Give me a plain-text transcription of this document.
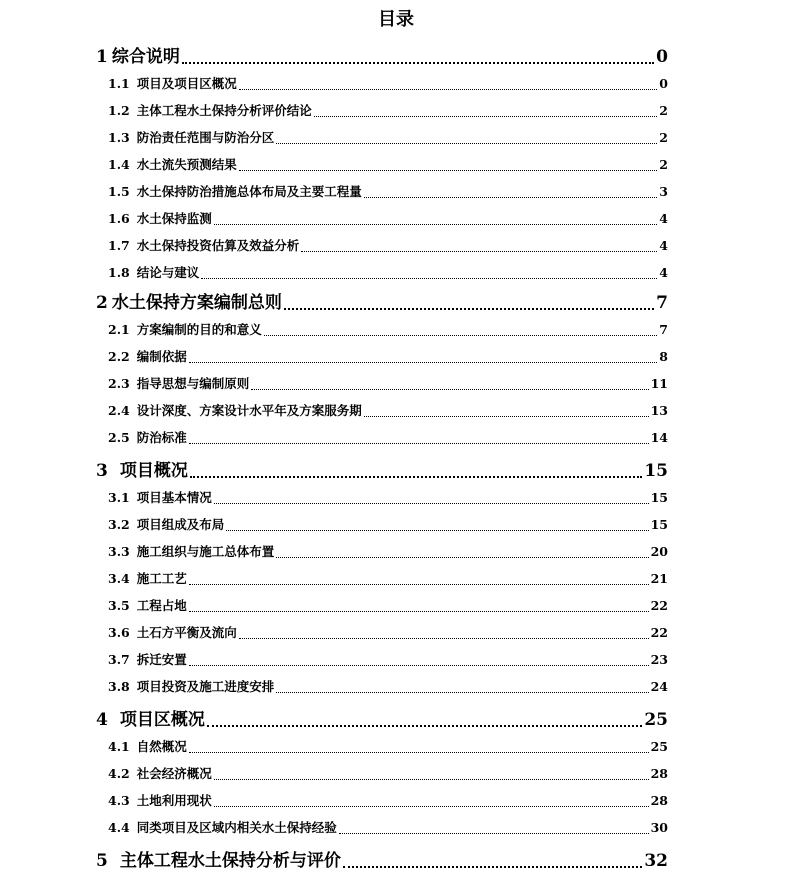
目录
1 综合说明	0
1.1 项目及项目区概况	0
1.2 主体工程水土保持分析评价结论	2
1.3 防治责任范围与防治分区	2
1.4 水土流失预测结果	2
1.5 水土保持防治措施总体布局及主要工程量	3
1.6 水土保持监测	4
1.7 水土保持投资估算及效益分析	4
1.8 结论与建议	4
2 水土保持方案编制总则	7
2.1 方案编制的目的和意义	7
2.2 编制依据	8
2.3 指导思想与编制原则	11
2.4 设计深度、方案设计水平年及方案服务期	13
2.5 防治标准	14
3 项目概况	15
3.1 项目基本情况	15
3.2 项目组成及布局	15
3.3 施工组织与施工总体布置	20
3.4 施工工艺	21
3.5 工程占地	22
3.6 土石方平衡及流向	22
3.7 拆迁安置	23
3.8 项目投资及施工进度安排	24
4 项目区概况	25
4.1 自然概况	25
4.2 社会经济概况	28
4.3 土地利用现状	28
4.4 同类项目及区域内相关水土保持经验	30
5 主体工程水土保持分析与评价	32
